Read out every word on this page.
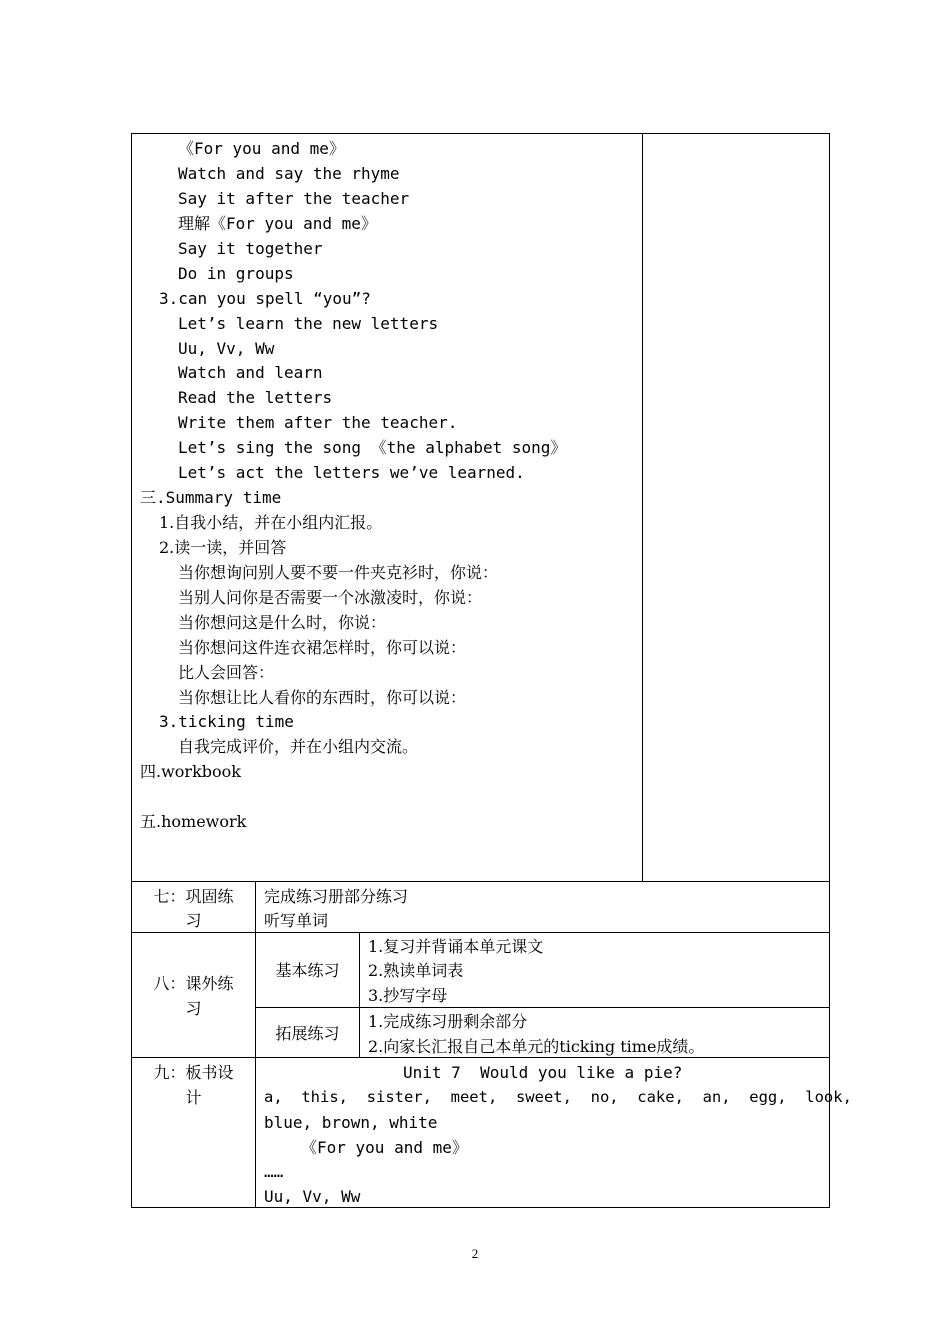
《For you and me》
Watch and say the rhyme
Say it after the teacher
理解《For you and me》
Say it together
Do in groups
3.can you spell “you”?
Let’s learn the new letters
Uu, Vv, Ww
Watch and learn
Read the letters
Write them after the teacher.
Let’s sing the song 《the alphabet song》
Let’s act the letters we’ve learned.
三.Summary time
1.自我小结，并在小组内汇报。
2.读一读，并回答
当你想询问别人要不要一件夹克衫时，你说：
当别人问你是否需要一个冰激凌时，你说：
当你想问这是什么时，你说：
当你想问这件连衣裙怎样时，你可以说：
比人会回答：
当你想让比人看你的东西时，你可以说：
3.ticking time
自我完成评价，并在小组内交流。
四.workbook
五.homework
七：巩固练
习
完成练习册部分练习
听写单词
八：课外练
习
基本练习
1.复习并背诵本单元课文
2.熟读单词表
3.抄写字母
拓展练习
1.完成练习册剩余部分
2.向家长汇报自己本单元的ticking time成绩。
九：板书设
计
Unit 7  Would you like a pie?
a,  this,  sister,  meet,  sweet,  no,  cake,  an,  egg,  look,
blue, brown, white
《For you and me》
……
Uu, Vv, Ww
2
